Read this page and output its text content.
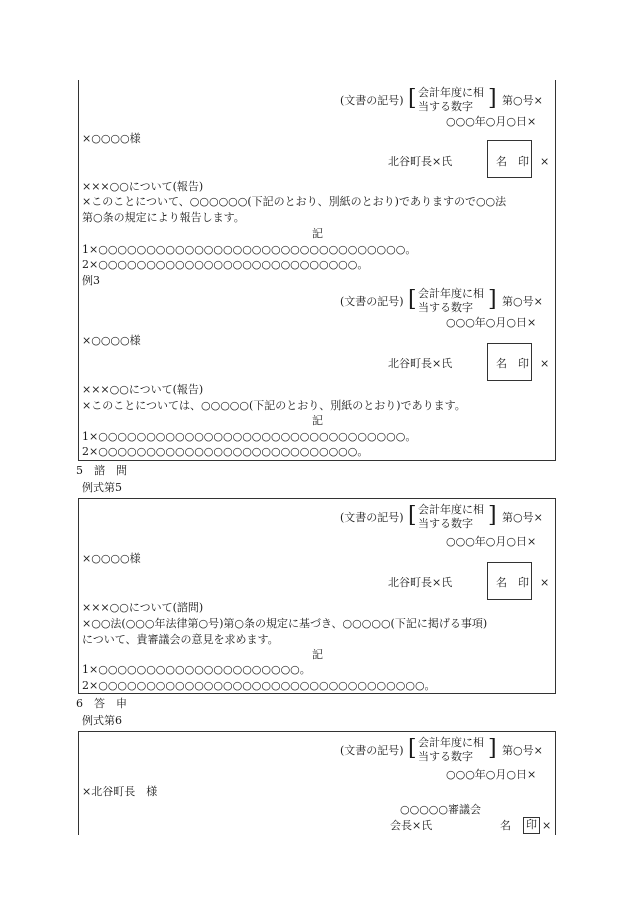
(文書の記号) [ 会計年度に相
当する数字 ] 第○号×
○○○年○月○日×
×○○○○様
北谷町長×氏	名　印 ×
×××○○について(報告)
×このことについて、○○○○○○(下記のとおり、別紙のとおり)でありますので○○法
第○条の規定により報告します。
記
1×○○○○○○○○○○○○○○○○○○○○○○○○○○○○○○○○。
2×○○○○○○○○○○○○○○○○○○○○○○○○○○○。
例3
(文書の記号) [ 会計年度に相
当する数字 ] 第○号×
○○○年○月○日×
×○○○○様
北谷町長×氏	名　印 ×
×××○○について(報告)
×このことについては、○○○○○(下記のとおり、別紙のとおり)であります。
記
1×○○○○○○○○○○○○○○○○○○○○○○○○○○○○○○○○。
2×○○○○○○○○○○○○○○○○○○○○○○○○○○○。
5　諮　問
例式第5
(文書の記号) [ 会計年度に相
当する数字 ] 第○号×
○○○年○月○日×
×○○○○様
北谷町長×氏	名　印 ×
×××○○について(諮問)
×○○法(○○○年法律第○号)第○条の規定に基づき、○○○○○(下記に掲げる事項)
について、貴審議会の意見を求めます。
記
1×○○○○○○○○○○○○○○○○○○○○○。
2×○○○○○○○○○○○○○○○○○○○○○○○○○○○○○○○○○○。
6　答　申
例式第6
(文書の記号) [ 会計年度に相
当する数字 ] 第○号×
○○○年○月○日×
×北谷町長　様
○○○○○審議会
会長×氏	名 印 ×
